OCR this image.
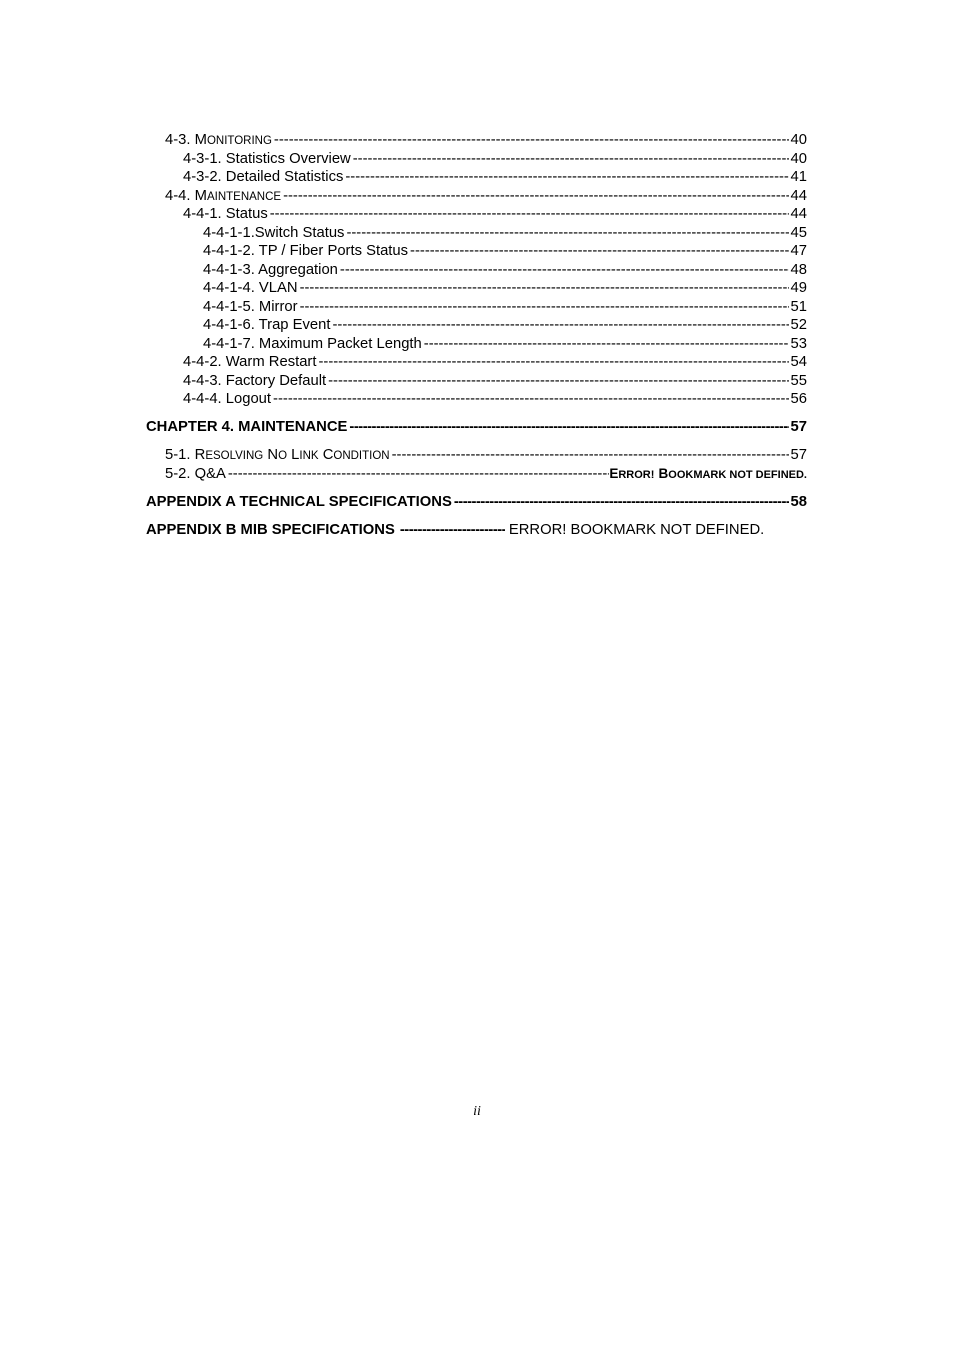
4-3. MONITORING -----	40
4-3-1. Statistics Overview -----	40
4-3-2. Detailed Statistics -----	41
4-4. MAINTENANCE -----	44
4-4-1. Status -----	44
4-4-1-1.Switch Status -----	45
4-4-1-2. TP / Fiber Ports Status -----	47
4-4-1-3. Aggregation -----	48
4-4-1-4. VLAN -----	49
4-4-1-5. Mirror -----	51
4-4-1-6. Trap Event -----	52
4-4-1-7. Maximum Packet Length -----	53
4-4-2. Warm Restart -----	54
4-4-3. Factory Default -----	55
4-4-4. Logout -----	56
CHAPTER 4. MAINTENANCE -----	57
5-1. RESOLVING NO LINK CONDITION -----	57
5-2. Q&A -----	ERROR! BOOKMARK NOT DEFINED.
APPENDIX A TECHNICAL SPECIFICATIONS -----	58
APPENDIX B MIB SPECIFICATIONS -----	ERROR! BOOKMARK NOT DEFINED.
ii
